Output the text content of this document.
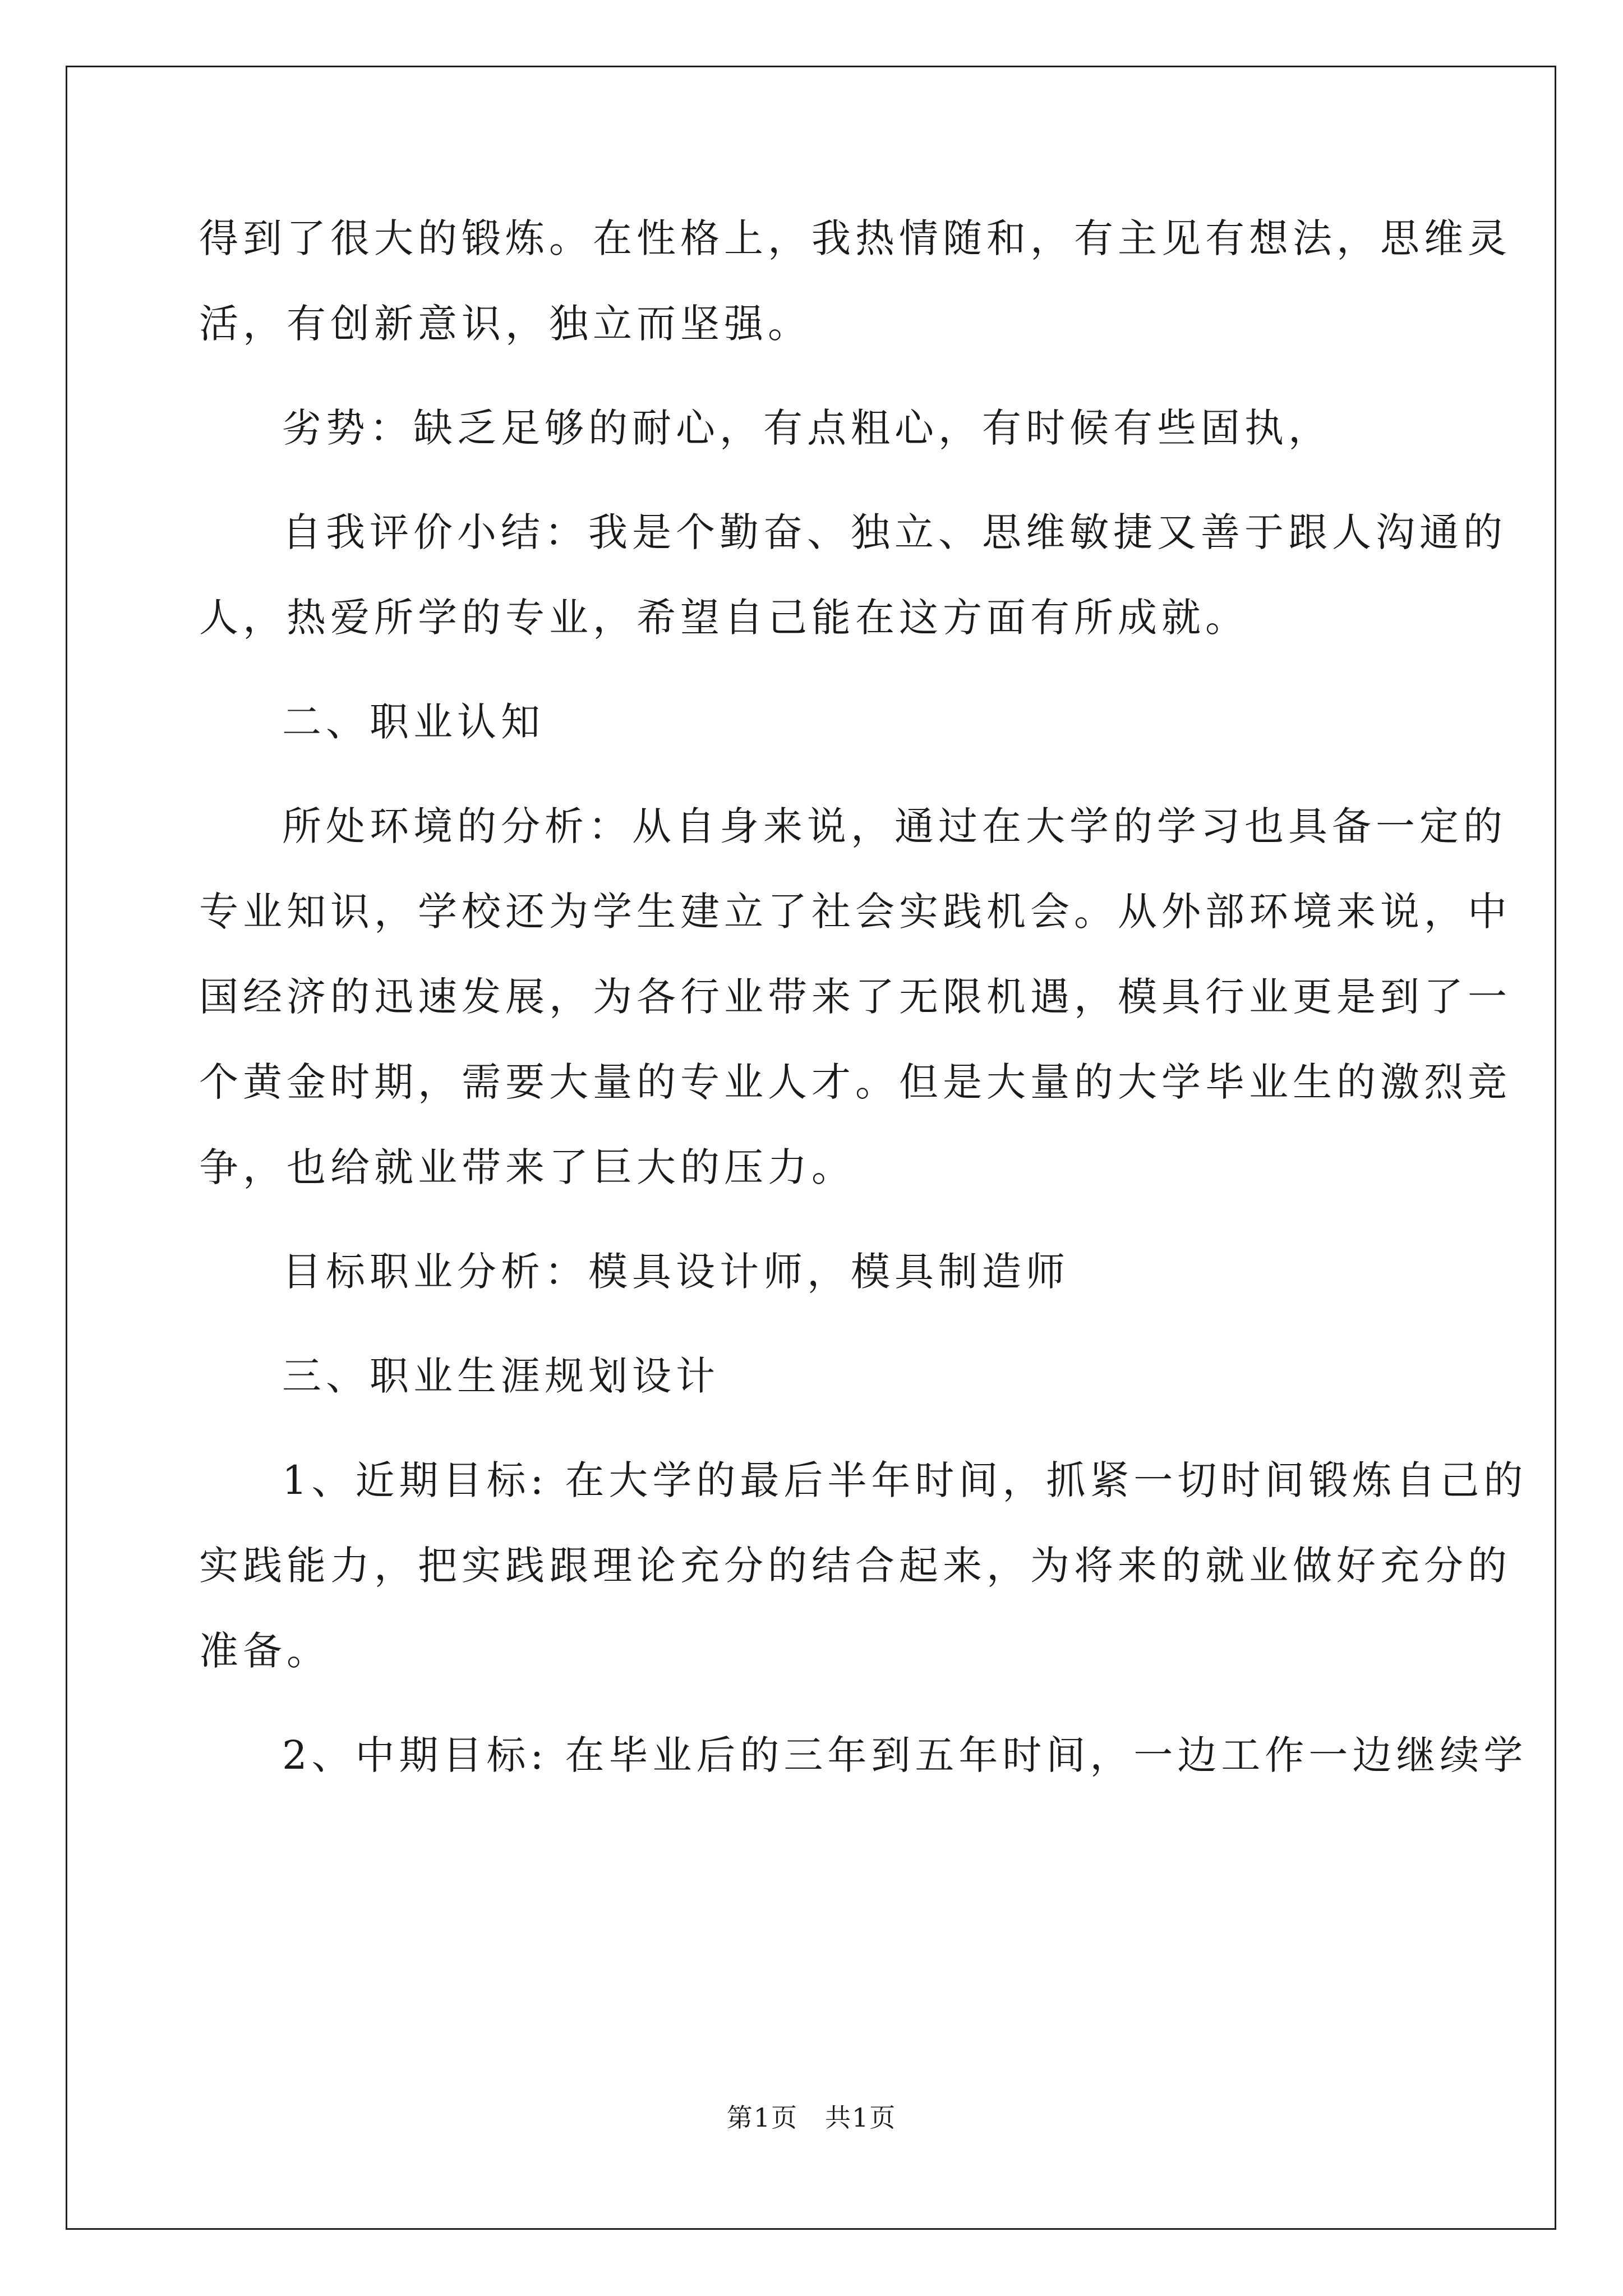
得到了很大的锻炼。在性格上，我热情随和，有主见有想法，思维灵
活，有创新意识，独立而坚强。
劣势：缺乏足够的耐心，有点粗心，有时候有些固执，
自我评价小结：我是个勤奋、独立、思维敏捷又善于跟人沟通的
人，热爱所学的专业，希望自己能在这方面有所成就。
二、职业认知
所处环境的分析：从自身来说，通过在大学的学习也具备一定的
专业知识，学校还为学生建立了社会实践机会。从外部环境来说，中
国经济的迅速发展，为各行业带来了无限机遇，模具行业更是到了一
个黄金时期，需要大量的专业人才。但是大量的大学毕业生的激烈竞
争，也给就业带来了巨大的压力。
目标职业分析：模具设计师，模具制造师
三、职业生涯规划设计
1、近期目标: 在大学的最后半年时间，抓紧一切时间锻炼自己的
实践能力，把实践跟理论充分的结合起来，为将来的就业做好充分的
准备。
2、中期目标: 在毕业后的三年到五年时间，一边工作一边继续学
第1页　共1页
